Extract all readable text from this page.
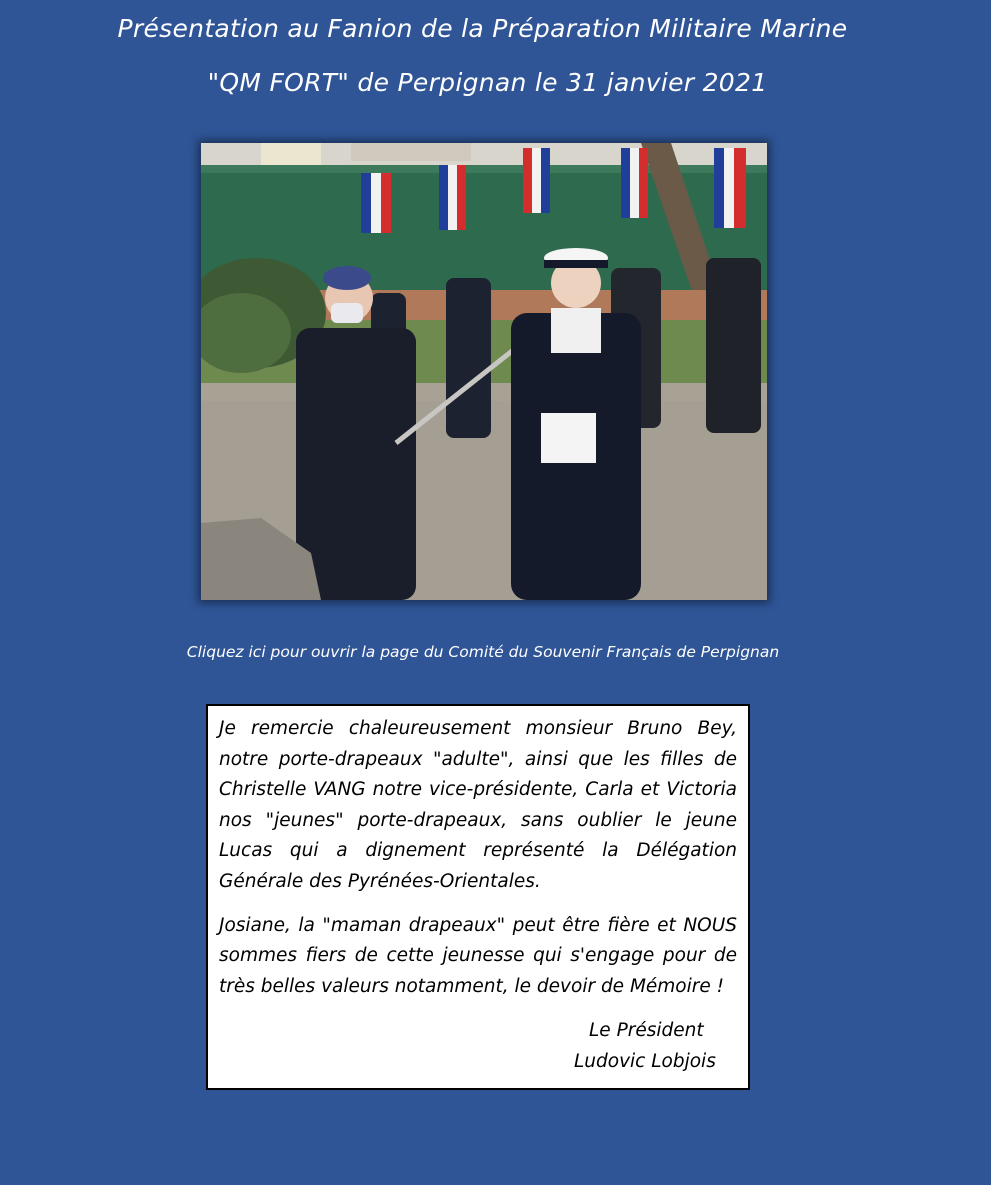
Présentation au Fanion de la Préparation Militaire Marine
"QM FORT" de Perpignan le 31 janvier 2021
Cliquez ici pour ouvrir la page du Comité du Souvenir Français de Perpignan

Je remercie chaleureusement monsieur Bruno Bey, notre porte-drapeaux "adulte", ainsi que les filles de Christelle VANG notre vice-présidente, Carla et Victoria nos "jeunes" porte-drapeaux, sans oublier le jeune Lucas qui a dignement représenté la Délégation Générale des Pyrénées-Orientales.

Josiane, la "maman drapeaux" peut être fière et NOUS sommes fiers de cette jeunesse qui s'engage pour de très belles valeurs notamment, le devoir de Mémoire !

Le Président
Ludovic Lobjois
